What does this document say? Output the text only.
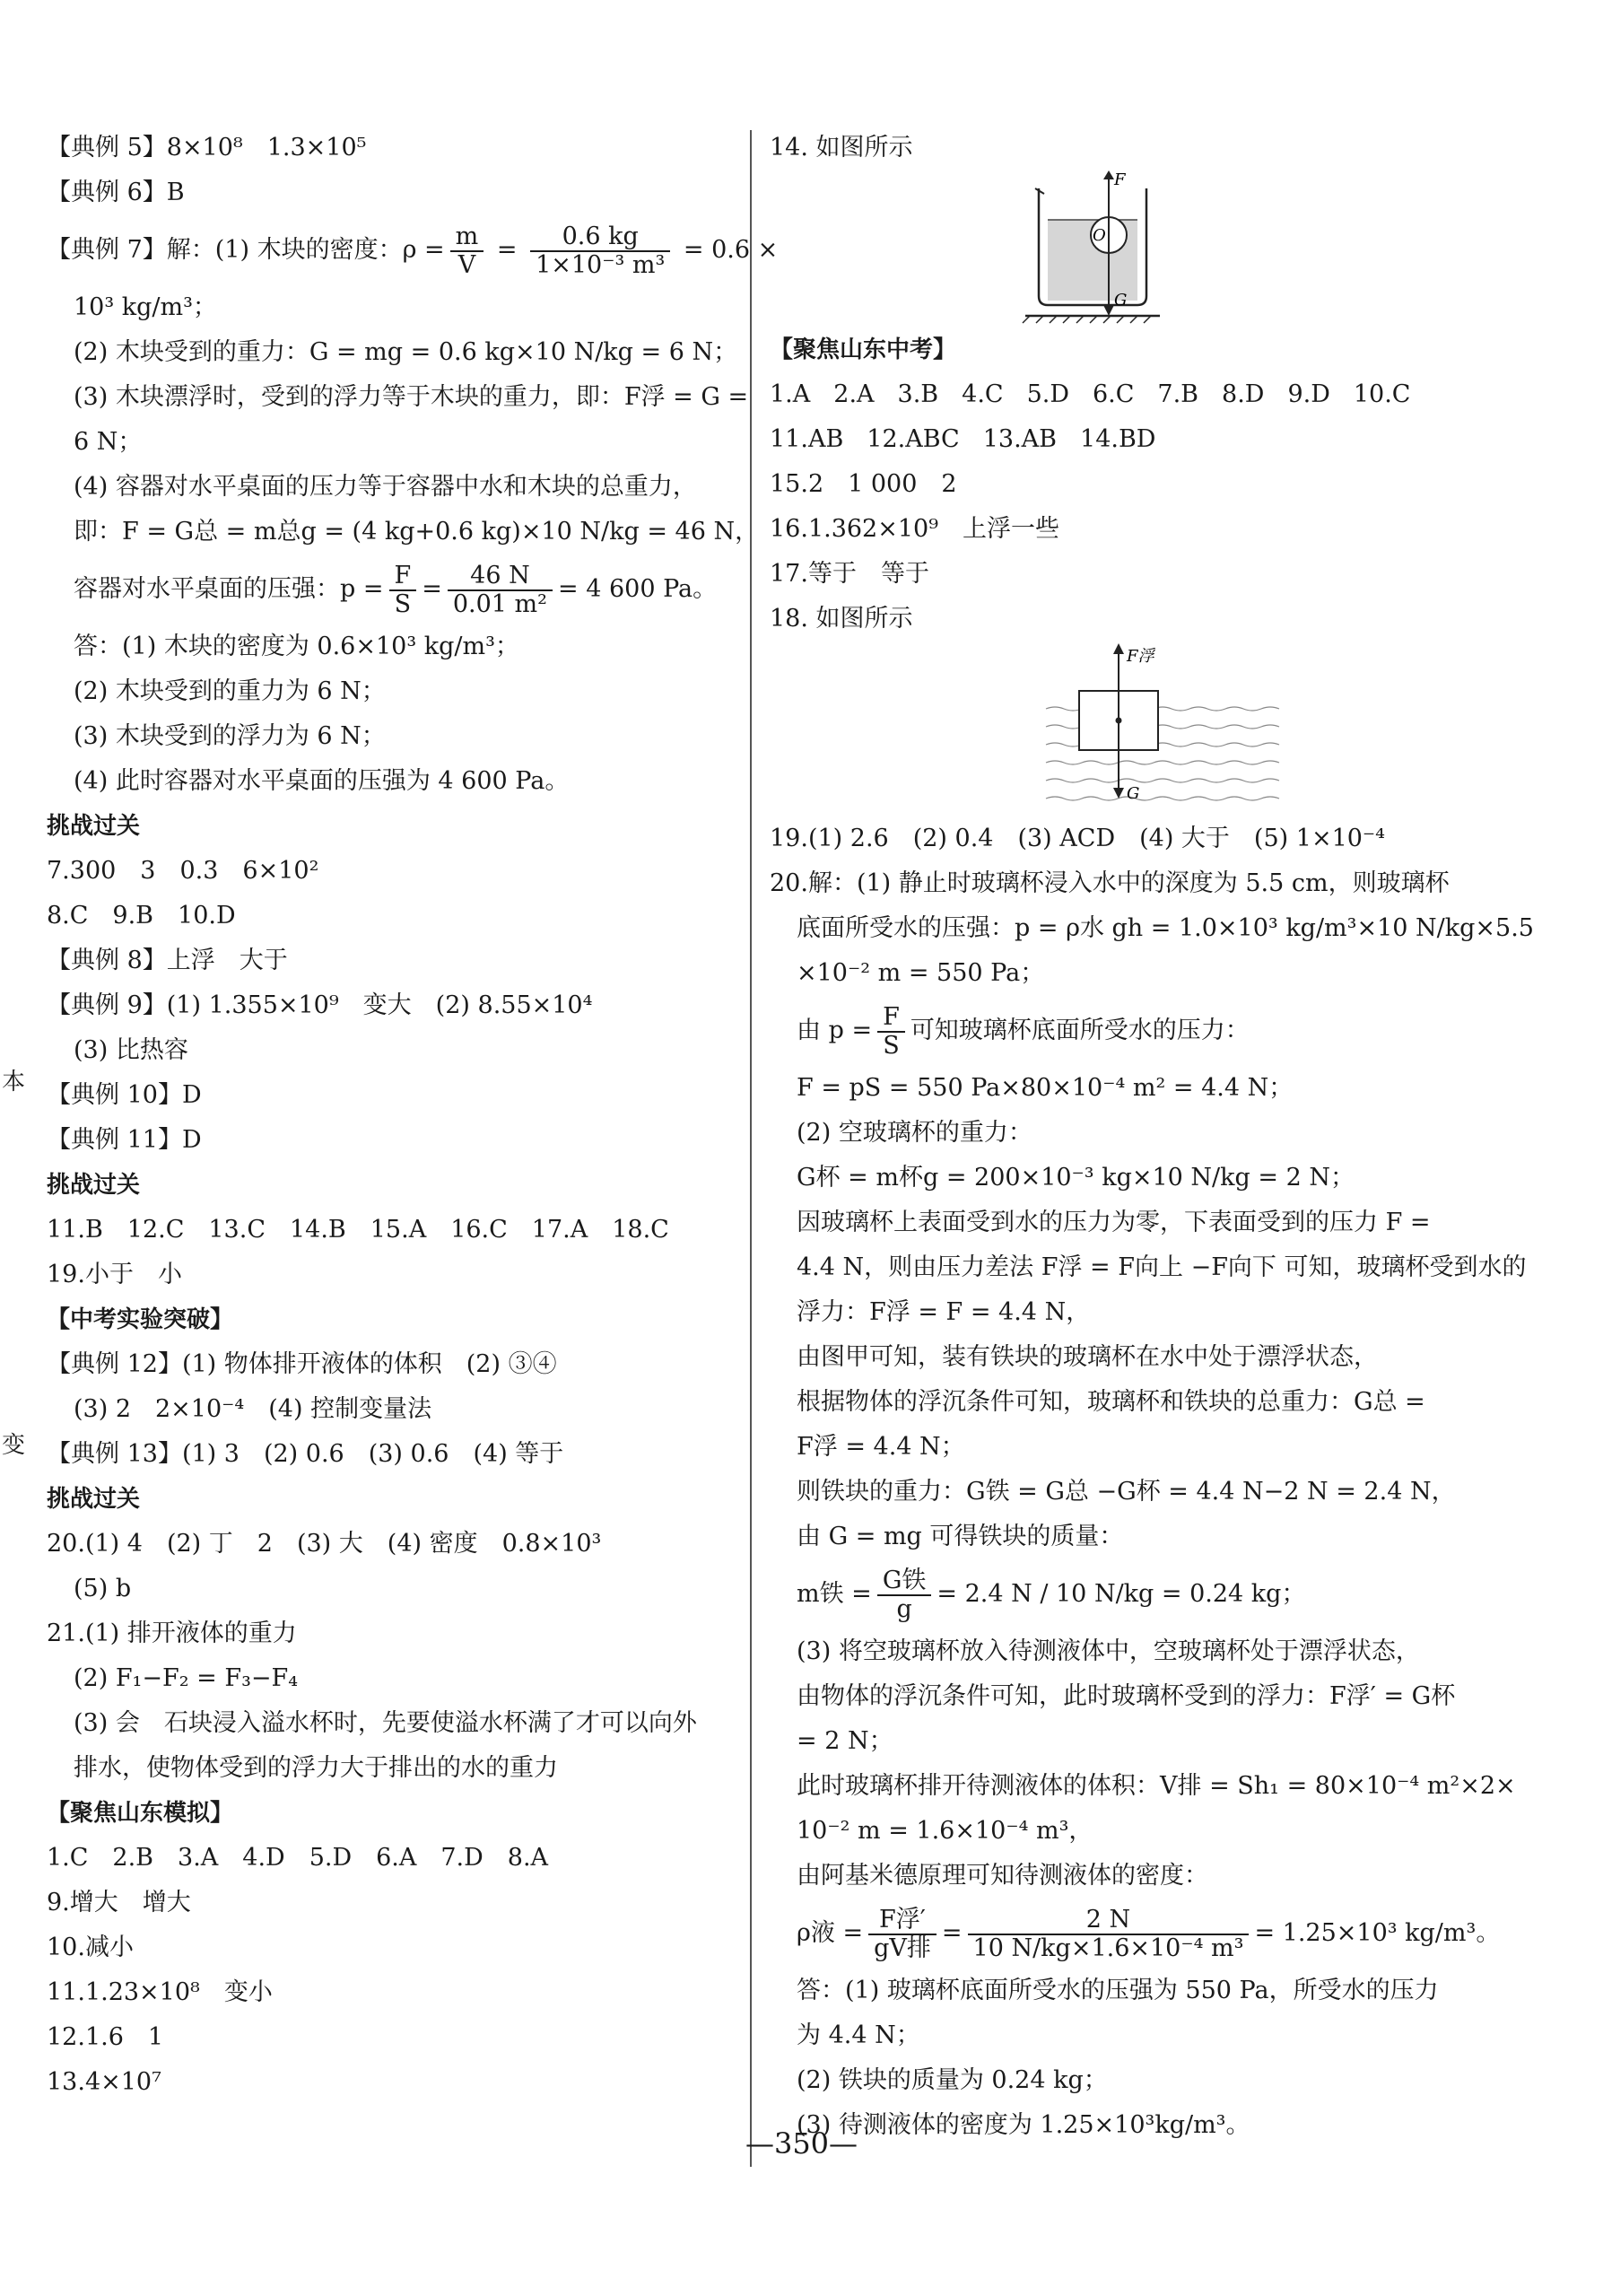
本
变
【典例 5】8×10⁸　1.3×10⁵
【典例 6】B
【典例 7】解：(1) 木块的密度：$\rho = \frac{m}{V} = \frac{0.6 kg}{\text{1×10⁻³ m³}} = 0.6$ ×
10³ kg/m³；
(2) 木块受到的重力：G = mg = 0.6 kg×10 N/kg = 6 N；
(3) 木块漂浮时，受到的浮力等于木块的重力，即：F浮 = G =
6 N；
(4) 容器对水平桌面的压力等于容器中水和木块的总重力，
即：F = G总 = m总g = (4 kg+0.6 kg)×10 N/kg = 46 N，
容器对水平桌面的压强：$p = \frac{F}{S} = \frac{46 N}{\text{0.01 m²}} = 4$ 600 Pa。
答：(1) 木块的密度为 0.6×10³ kg/m³；
(2) 木块受到的重力为 6 N；
(3) 木块受到的浮力为 6 N；
(4) 此时容器对水平桌面的压强为 4 600 Pa。
挑战过关
7.300　3　0.3　6×10²
8.C　9.B　10.D
【典例 8】上浮　大于
【典例 9】(1) 1.355×10⁹　变大　(2) 8.55×10⁴
(3) 比热容
【典例 10】D
【典例 11】D
挑战过关
11.B　12.C　13.C　14.B　15.A　16.C　17.A　18.C
19.小于　小
【中考实验突破】
【典例 12】(1) 物体排开液体的体积　(2) ③④
(3) 2　2×10⁻⁴　(4) 控制变量法
【典例 13】(1) 3　(2) 0.6　(3) 0.6　(4) 等于
挑战过关
20.(1) 4　(2) 丁　2　(3) 大　(4) 密度　0.8×10³
(5) b
21.(1) 排开液体的重力
(2) F₁−F₂ = F₃−F₄
(3) 会　石块浸入溢水杯时，先要使溢水杯满了才可以向外
排水，使物体受到的浮力大于排出的水的重力
【聚焦山东模拟】
1.C　2.B　3.A　4.D　5.D　6.A　7.D　8.A
9.增大　增大
10.减小
11.1.23×10⁸　变小
12.1.6　1
13.4×10⁷
14. 如图所示
F
O
G
【聚焦山东中考】
1.A 2.A 3.B 4.C 5.D 6.C 7.B 8.D 9.D 10.C
11.AB 12.ABC 13.AB 14.BD
15.2　1 000　2
16.1.362×10⁹　上浮一些
17.等于　等于
18. 如图所示
F浮
G
19.(1) 2.6　(2) 0.4　(3) ACD　(4) 大于　(5) 1×10⁻⁴
20.解：(1) 静止时玻璃杯浸入水中的深度为 5.5 cm，则玻璃杯
底面所受水的压强：p = ρ水 gh = 1.0×10³ kg/m³×10 N/kg×5.5
×10⁻² m = 550 Pa；
由 $p = \frac{F}{S}$ 可知玻璃杯底面所受水的压力：
F = pS = 550 Pa×80×10⁻⁴ m² = 4.4 N；
(2) 空玻璃杯的重力：
G杯 = m杯g = 200×10⁻³ kg×10 N/kg = 2 N；
因玻璃杯上表面受到水的压力为零，下表面受到的压力 F =
4.4 N，则由压力差法 F浮 = F向上 −F向下 可知，玻璃杯受到水的
浮力：F浮 = F = 4.4 N，
由图甲可知，装有铁块的玻璃杯在水中处于漂浮状态，
根据物体的浮沉条件可知，玻璃杯和铁块的总重力：G总 =
F浮 = 4.4 N；
则铁块的重力：G铁 = G总 −G杯 = 4.4 N−2 N = 2.4 N，
由 G = mg 可得铁块的质量：
m铁 = $\frac{\text{G铁}}{g} = 2.4$ N / 10 N/kg = 0.24 kg；
(3) 将空玻璃杯放入待测液体中，空玻璃杯处于漂浮状态，
由物体的浮沉条件可知，此时玻璃杯受到的浮力：F浮′ = G杯
= 2 N；
此时玻璃杯排开待测液体的体积：V排 = Sh₁ = 80×10⁻⁴ m²×2×
10⁻² m = 1.6×10⁻⁴ m³，
由阿基米德原理可知待测液体的密度：
ρ液 = $\frac{\text{F浮′}}{\text{gV排}} = \frac{2 N}{\text{10 N/kg×1.6×10⁻⁴ m³}} = 1.25\times 10^3$ kg/m³。
答：(1) 玻璃杯底面所受水的压强为 550 Pa，所受水的压力
为 4.4 N；
(2) 铁块的质量为 0.24 kg；
(3) 待测液体的密度为 1.25×10³kg/m³。
—350—
